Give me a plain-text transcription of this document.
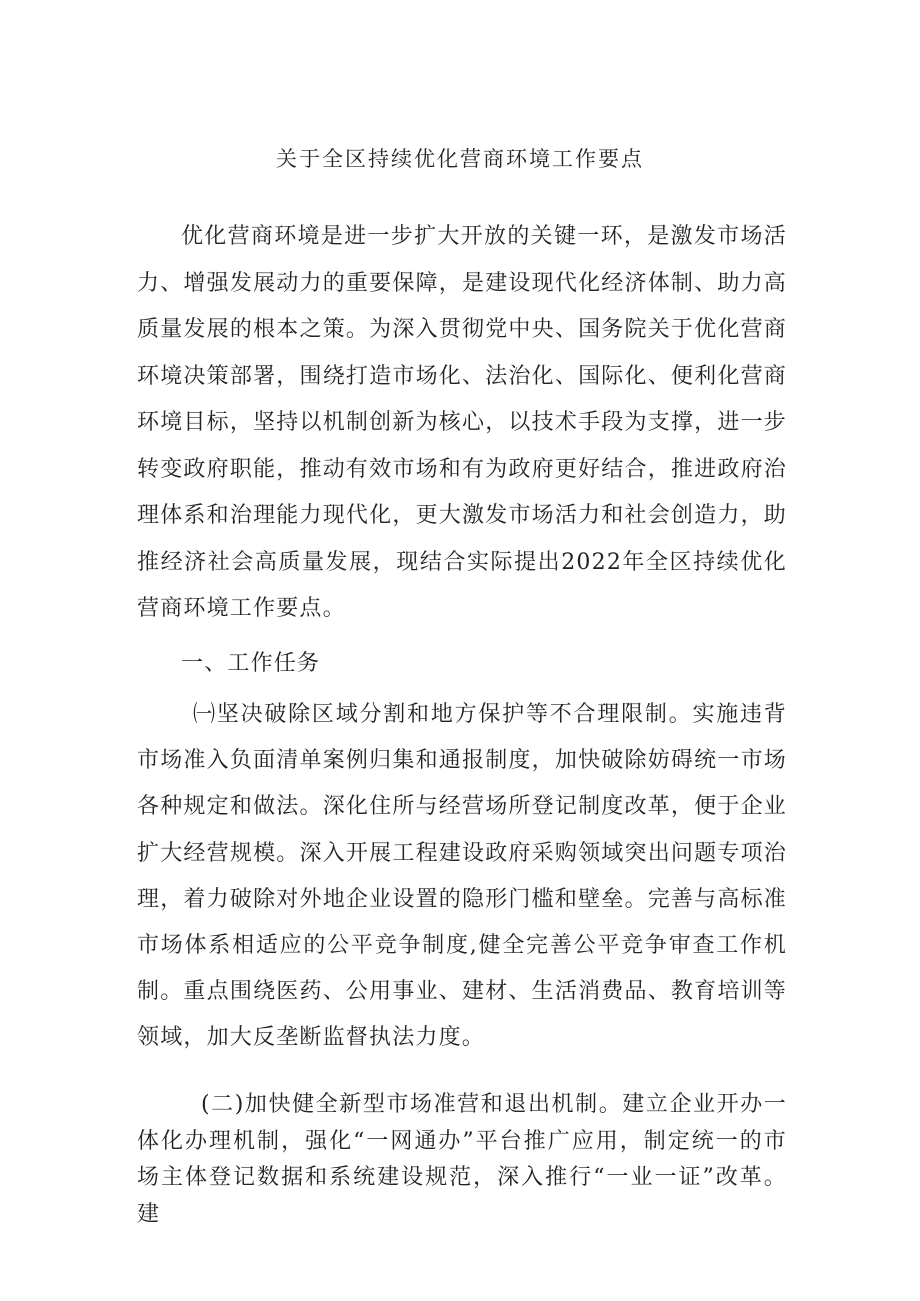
关于全区持续优化营商环境工作要点

优化营商环境是进一步扩大开放的关键一环，是激发市场活力、增强发展动力的重要保障，是建设现代化经济体制、助力高质量发展的根本之策。为深入贯彻党中央、国务院关于优化营商环境决策部署，围绕打造市场化、法治化、国际化、便利化营商环境目标，坚持以机制创新为核心，以技术手段为支撑，进一步转变政府职能，推动有效市场和有为政府更好结合，推进政府治理体系和治理能力现代化，更大激发市场活力和社会创造力，助推经济社会高质量发展，现结合实际提出2022年全区持续优化营商环境工作要点。

一、工作任务

㈠坚决破除区域分割和地方保护等不合理限制。实施违背市场准入负面清单案例归集和通报制度，加快破除妨碍统一市场各种规定和做法。深化住所与经营场所登记制度改革，便于企业扩大经营规模。深入开展工程建设政府采购领域突出问题专项治理，着力破除对外地企业设置的隐形门槛和壁垒。完善与高标准市场体系相适应的公平竞争制度,健全完善公平竞争审查工作机制。重点围绕医药、公用事业、建材、生活消费品、教育培训等领域，加大反垄断监督执法力度。

(二)加快健全新型市场准营和退出机制。建立企业开办一体化办理机制，强化“一网通办”平台推广应用，制定统一的市场主体登记数据和系统建设规范，深入推行“一业一证”改革。建
